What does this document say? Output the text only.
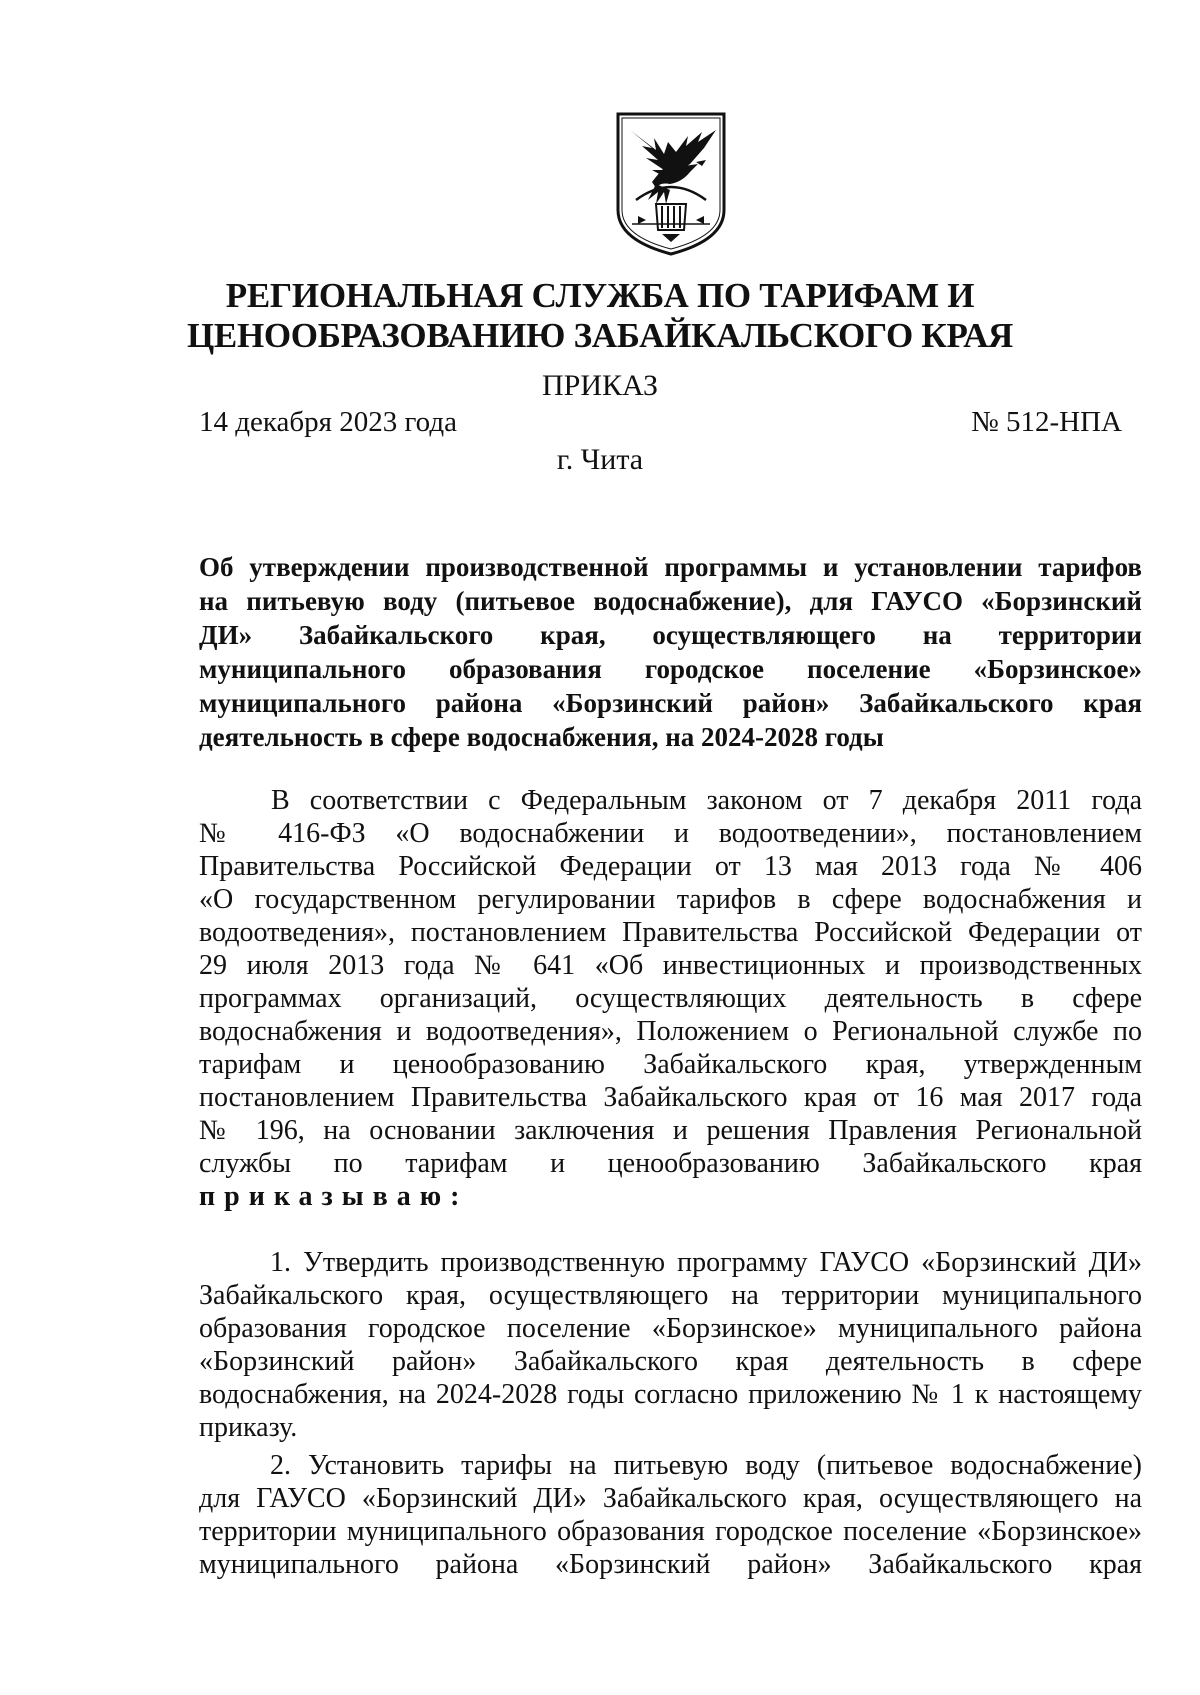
РЕГИОНАЛЬНАЯ СЛУЖБА ПО ТАРИФАМ И
ЦЕНООБРАЗОВАНИЮ ЗАБАЙКАЛЬСКОГО КРАЯ
ПРИКАЗ
14 декабря 2023 года	№ 512-НПА
г. Чита
Об утверждении производственной программы и установлении тарифов
на питьевую воду (питьевое водоснабжение), для ГАУСО «Борзинский
ДИ» Забайкальского края, осуществляющего на территории
муниципального образования городское поселение «Борзинское»
муниципального района «Борзинский район» Забайкальского края
деятельность в сфере водоснабжения, на 2024-2028 годы
В соответствии с Федеральным законом от 7 декабря 2011 года
№ 416-ФЗ «О водоснабжении и водоотведении», постановлением
Правительства Российской Федерации от 13 мая 2013 года № 406
«О государственном регулировании тарифов в сфере водоснабжения и
водоотведения», постановлением Правительства Российской Федерации от
29 июля 2013 года № 641 «Об инвестиционных и производственных
программах организаций, осуществляющих деятельность в сфере
водоснабжения и водоотведения», Положением о Региональной службе по
тарифам и ценообразованию Забайкальского края, утвержденным
постановлением Правительства Забайкальского края от 16 мая 2017 года
№ 196, на основании заключения и решения Правления Региональной
службы по тарифам и ценообразованию Забайкальского края
приказываю:
1. Утвердить производственную программу ГАУСО «Борзинский ДИ»
Забайкальского края, осуществляющего на территории муниципального
образования городское поселение «Борзинское» муниципального района
«Борзинский район» Забайкальского края деятельность в сфере
водоснабжения, на 2024-2028 годы согласно приложению № 1 к настоящему
приказу.
2. Установить тарифы на питьевую воду (питьевое водоснабжение)
для ГАУСО «Борзинский ДИ» Забайкальского края, осуществляющего на
территории муниципального образования городское поселение «Борзинское»
муниципального района «Борзинский район» Забайкальского края
